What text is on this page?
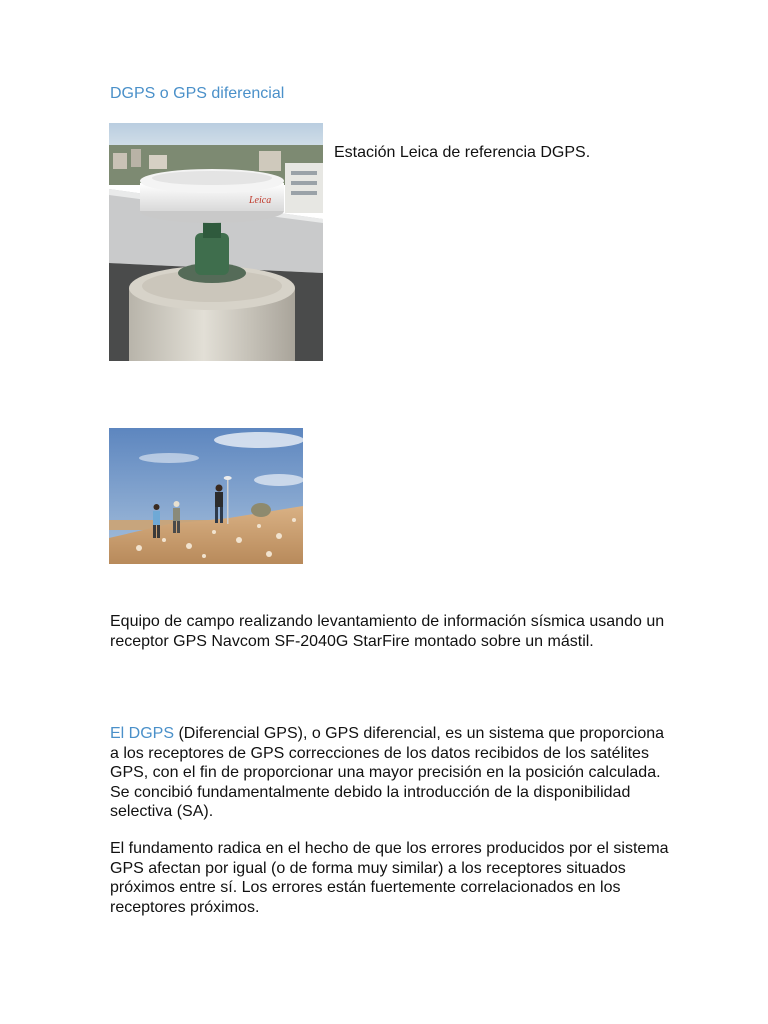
DGPS o GPS diferencial
Leica
Estación Leica de referencia DGPS.

Equipo de campo realizando levantamiento de información sísmica usando un receptor GPS Navcom SF-2040G StarFire montado sobre un mástil.

El DGPS (Diferencial GPS), o GPS diferencial, es un sistema que proporciona a los receptores de GPS correcciones de los datos recibidos de los satélites GPS, con el fin de proporcionar una mayor precisión en la posición calculada. Se concibió fundamentalmente debido la introducción de la disponibilidad selectiva (SA).

El fundamento radica en el hecho de que los errores producidos por el sistema GPS afectan por igual (o de forma muy similar) a los receptores situados próximos entre sí. Los errores están fuertemente correlacionados en los receptores próximos.
